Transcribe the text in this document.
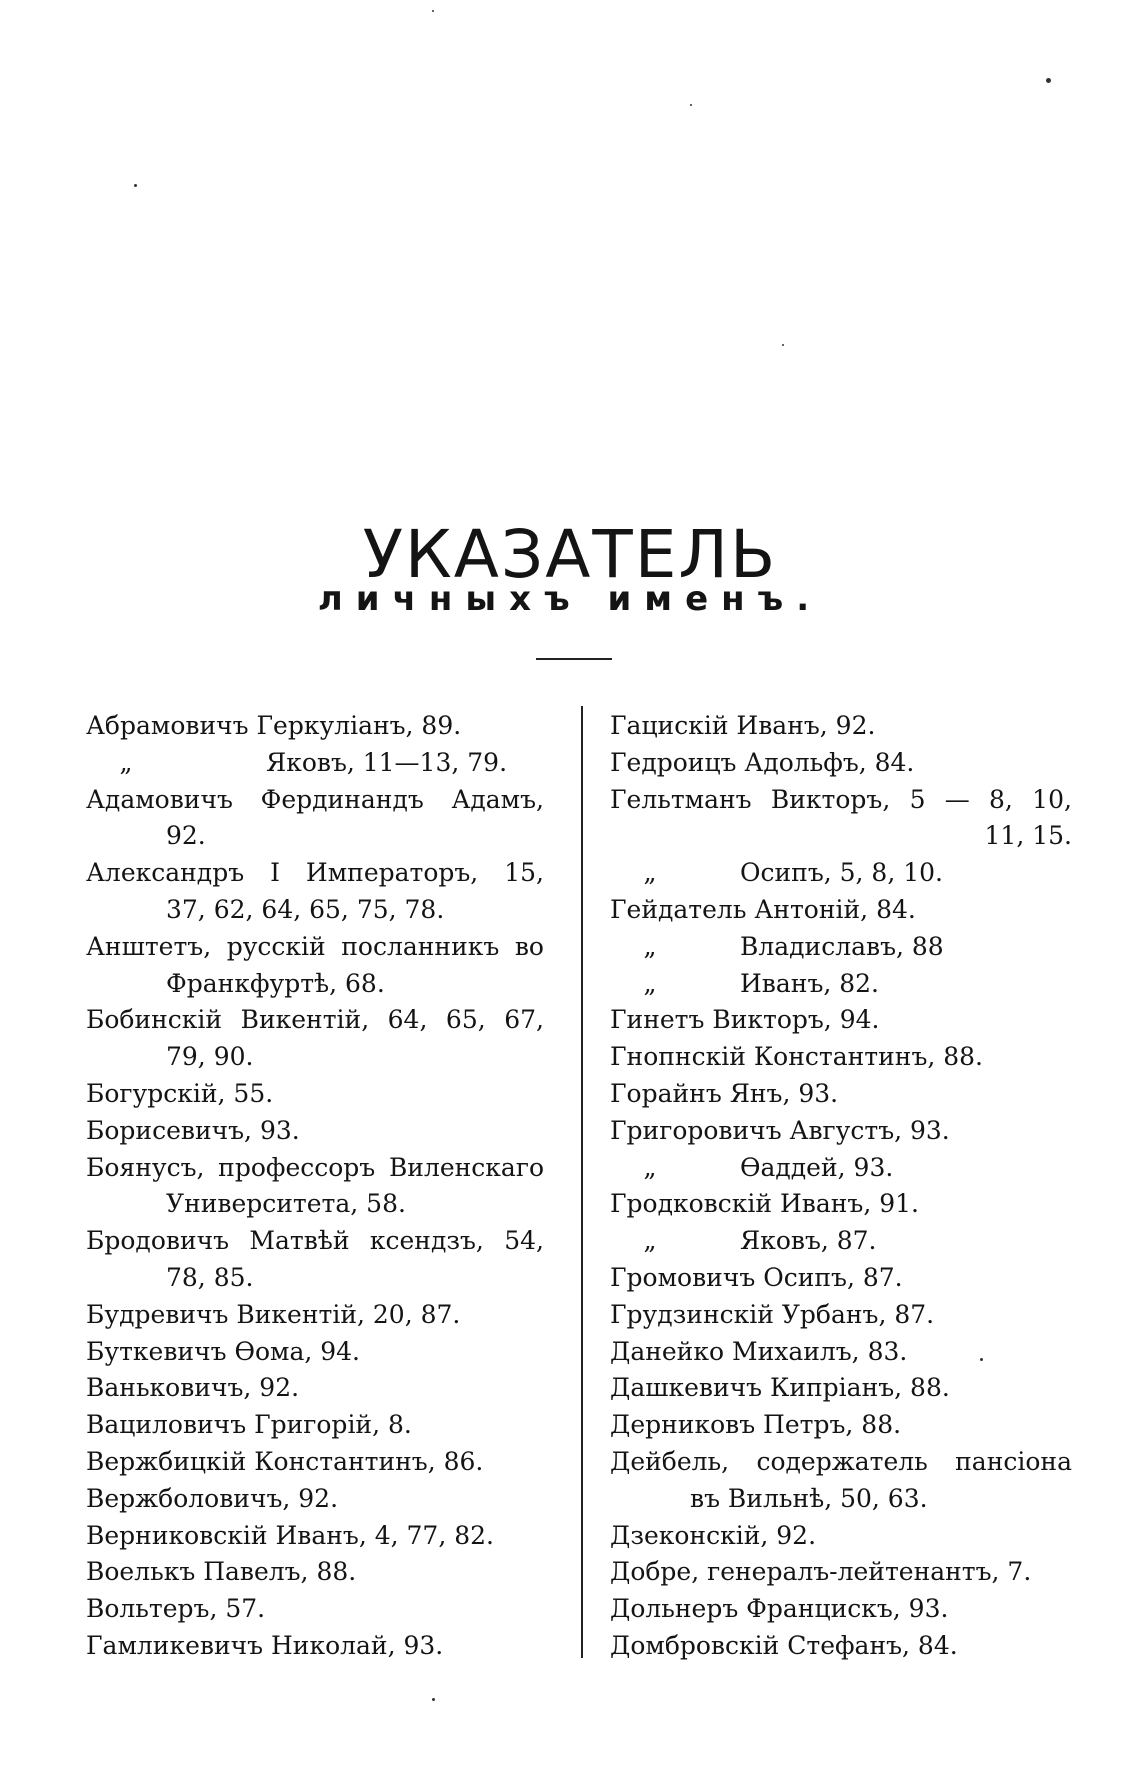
УКАЗАТЕЛЬ
личныхъ именъ.
Абрамовичъ Геркуліанъ, 89.
„	Яковъ, 11—13, 79.
Адамовичъ Фердинандъ Адамъ,
92.
Александръ I Императоръ, 15,
37, 62, 64, 65, 75, 78.
Анштетъ, русскій посланникъ во
Франкфуртѣ, 68.
Бобинскій Викентій, 64, 65, 67,
79, 90.
Богурскій, 55.
Борисевичъ, 93.
Боянусъ, профессоръ Виленскаго
Университета, 58.
Бродовичъ Матвѣй ксендзъ, 54,
78, 85.
Будревичъ Викентій, 20, 87.
Буткевичъ Ѳома, 94.
Ваньковичъ, 92.
Вациловичъ Григорій, 8.
Вержбицкій Константинъ, 86.
Вержболовичъ, 92.
Верниковскій Иванъ, 4, 77, 82.
Воелькъ Павелъ, 88.
Вольтеръ, 57.
Гамликевичъ Николай, 93.
Гацискій Иванъ, 92.
Гедроицъ Адольфъ, 84.
Гельтманъ Викторъ, 5 — 8, 10,
11, 15.
„	Осипъ, 5, 8, 10.
Гейдатель Антоній, 84.
„	Владиславъ, 88
„	Иванъ, 82.
Гинетъ Викторъ, 94.
Гнопнскій Константинъ, 88.
Горайнъ Янъ, 93.
Григоровичъ Августъ, 93.
„	Ѳаддей, 93.
Гродковскій Иванъ, 91.
„	Яковъ, 87.
Громовичъ Осипъ, 87.
Грудзинскій Урбанъ, 87.
Данейко Михаилъ, 83.
Дашкевичъ Кипріанъ, 88.
Дерниковъ Петръ, 88.
Дейбель, содержатель пансіона
въ Вильнѣ, 50, 63.
Дзеконскій, 92.
Добре, генералъ-лейтенантъ, 7.
Дольнеръ Францискъ, 93.
Домбровскій Стефанъ, 84.
